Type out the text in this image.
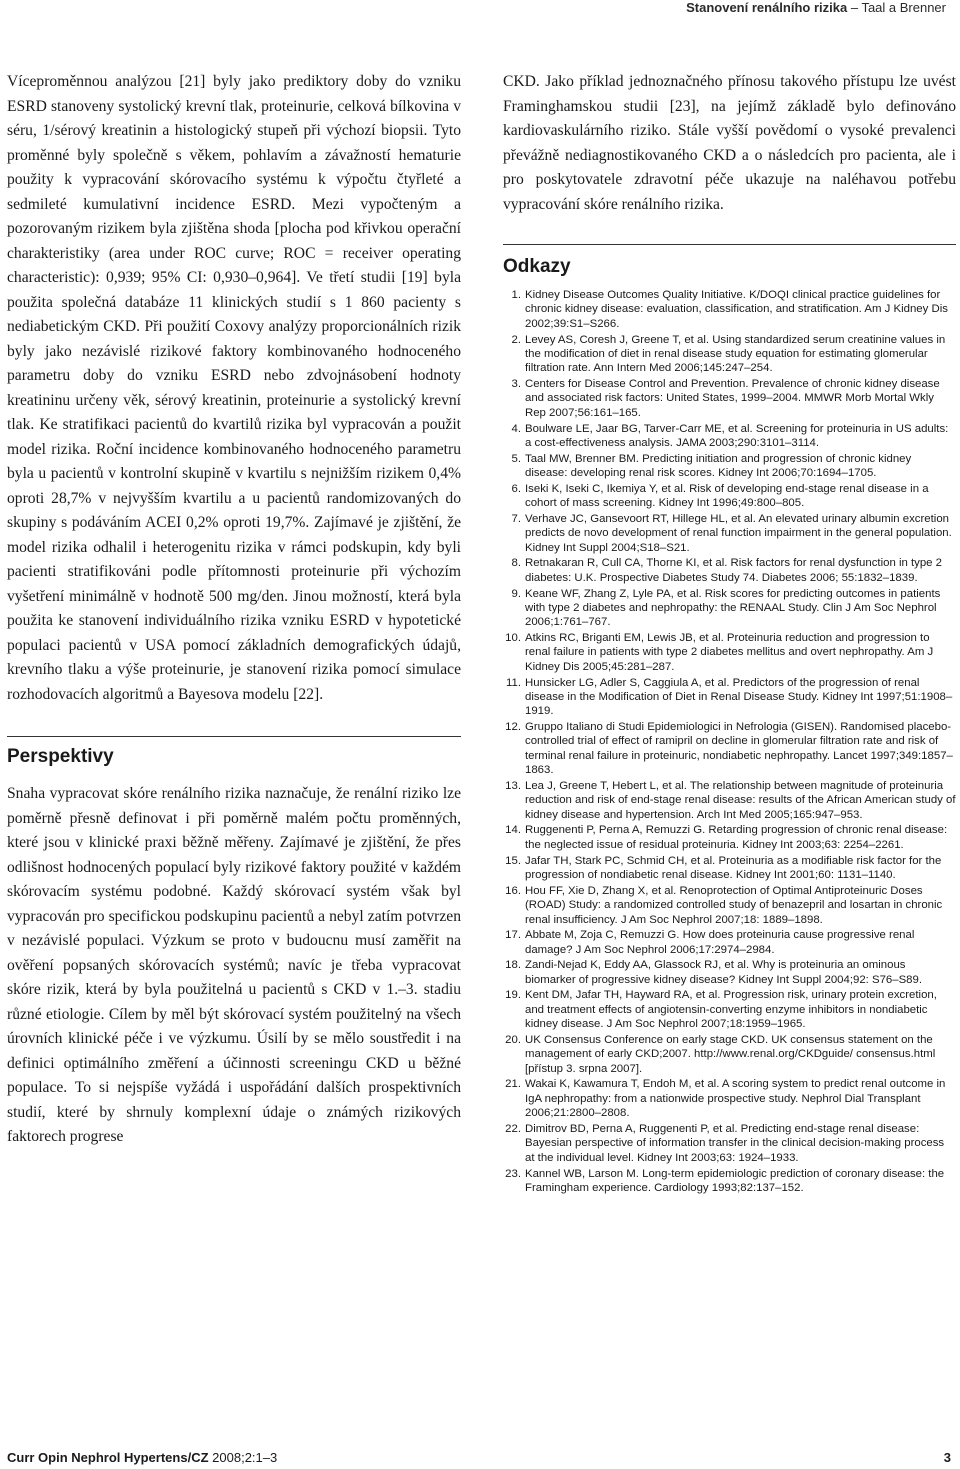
Stanovení renálního rizika – Taal a Brenner

Víceproměnnou analýzou [21] byly jako prediktory doby do vzniku ESRD stanoveny systolický krevní tlak, proteinurie, celková bílkovina v séru, 1/sérový kreatinin a histologický stupeň při výchozí biopsii. Tyto proměnné byly společně s věkem, pohlavím a závažností hematurie použity k vypracování skórovacího systému k výpočtu čtyřleté a sedmileté kumulativní incidence ESRD. Mezi vypočteným a pozorovaným rizikem byla zjištěna shoda [plocha pod křivkou operační charakteristiky (area under ROC curve; ROC = receiver operating characteristic): 0,939; 95% CI: 0,930–0,964]. Ve třetí studii [19] byla použita společná databáze 11 klinických studií s 1 860 pacienty s nediabetickým CKD. Při použití Coxovy analýzy proporcionálních rizik byly jako nezávislé rizikové faktory kombinovaného hodnoceného parametru doby do vzniku ESRD nebo zdvojnásobení hodnoty kreatininu určeny věk, sérový kreatinin, proteinurie a systolický krevní tlak. Ke stratifikaci pacientů do kvartilů rizika byl vypracován a použit model rizika. Roční incidence kombinovaného hodnoceného parametru byla u pacientů v kontrolní skupině v kvartilu s nejnižším rizikem 0,4% oproti 28,7% v nejvyšším kvartilu a u pacientů randomizovaných do skupiny s podáváním ACEI 0,2% oproti 19,7%. Zajímavé je zjištění, že model rizika odhalil i heterogenitu rizika v rámci podskupin, kdy byli pacienti stratifikováni podle přítomnosti proteinurie při výchozím vyšetření minimálně v hodnotě 500 mg/den. Jinou možností, která byla použita ke stanovení individuálního rizika vzniku ESRD v hypotetické populaci pacientů v USA pomocí základních demografických údajů, krevního tlaku a výše proteinurie, je stanovení rizika pomocí simulace rozhodovacích algoritmů a Bayesova modelu [22].

Perspektivy

Snaha vypracovat skóre renálního rizika naznačuje, že renální riziko lze poměrně přesně definovat i při poměrně malém počtu proměnných, které jsou v klinické praxi běžně měřeny. Zajímavé je zjištění, že přes odlišnost hodnocených populací byly rizikové faktory použité v každém skórovacím systému podobné. Každý skórovací systém však byl vypracován pro specifickou podskupinu pacientů a nebyl zatím potvrzen v nezávislé populaci. Výzkum se proto v budoucnu musí zaměřit na ověření popsaných skórovacích systémů; navíc je třeba vypracovat skóre rizik, která by byla použitelná u pacientů s CKD v 1.–3. stadiu různé etiologie. Cílem by měl být skórovací systém použitelný na všech úrovních klinické péče i ve výzkumu. Úsilí by se mělo soustředit i na definici optimálního změření a účinnosti screeningu CKD u běžné populace. To si nejspíše vyžádá i uspořádání dalších prospektivních studií, které by shrnuly komplexní údaje o známých rizikových faktorech progrese

CKD. Jako příklad jednoznačného přínosu takového přístupu lze uvést Framinghamskou studii [23], na jejímž základě bylo definováno kardiovaskulárního riziko. Stále vyšší povědomí o vysoké prevalenci převážně nediagnostikovaného CKD a o následcích pro pacienta, ale i pro poskytovatele zdravotní péče ukazuje na naléhavou potřebu vypracování skóre renálního rizika.

Odkazy
1. Kidney Disease Outcomes Quality Initiative. K/DOQI clinical practice guidelines for chronic kidney disease: evaluation, classification, and stratification. Am J Kidney Dis 2002;39:S1–S266.
2. Levey AS, Coresh J, Greene T, et al. Using standardized serum creatinine values in the modification of diet in renal disease study equation for estimating glomerular filtration rate. Ann Intern Med 2006;145:247–254.
3. Centers for Disease Control and Prevention. Prevalence of chronic kidney disease and associated risk factors: United States, 1999–2004. MMWR Morb Mortal Wkly Rep 2007;56:161–165.
4. Boulware LE, Jaar BG, Tarver-Carr ME, et al. Screening for proteinuria in US adults: a cost-effectiveness analysis. JAMA 2003;290:3101–3114.
5. Taal MW, Brenner BM. Predicting initiation and progression of chronic kidney disease: developing renal risk scores. Kidney Int 2006;70:1694–1705.
6. Iseki K, Iseki C, Ikemiya Y, et al. Risk of developing end-stage renal disease in a cohort of mass screening. Kidney Int 1996;49:800–805.
7. Verhave JC, Gansevoort RT, Hillege HL, et al. An elevated urinary albumin excretion predicts de novo development of renal function impairment in the general population. Kidney Int Suppl 2004;S18–S21.
8. Retnakaran R, Cull CA, Thorne KI, et al. Risk factors for renal dysfunction in type 2 diabetes: U.K. Prospective Diabetes Study 74. Diabetes 2006; 55:1832–1839.
9. Keane WF, Zhang Z, Lyle PA, et al. Risk scores for predicting outcomes in patients with type 2 diabetes and nephropathy: the RENAAL Study. Clin J Am Soc Nephrol 2006;1:761–767.
10. Atkins RC, Briganti EM, Lewis JB, et al. Proteinuria reduction and progression to renal failure in patients with type 2 diabetes mellitus and overt nephropathy. Am J Kidney Dis 2005;45:281–287.
11. Hunsicker LG, Adler S, Caggiula A, et al. Predictors of the progression of renal disease in the Modification of Diet in Renal Disease Study. Kidney Int 1997;51:1908–1919.
12. Gruppo Italiano di Studi Epidemiologici in Nefrologia (GISEN). Randomised placebo-controlled trial of effect of ramipril on decline in glomerular filtration rate and risk of terminal renal failure in proteinuric, nondiabetic nephropathy. Lancet 1997;349:1857–1863.
13. Lea J, Greene T, Hebert L, et al. The relationship between magnitude of proteinuria reduction and risk of end-stage renal disease: results of the African American study of kidney disease and hypertension. Arch Int Med 2005;165:947–953.
14. Ruggenenti P, Perna A, Remuzzi G. Retarding progression of chronic renal disease: the neglected issue of residual proteinuria. Kidney Int 2003;63: 2254–2261.
15. Jafar TH, Stark PC, Schmid CH, et al. Proteinuria as a modifiable risk factor for the progression of nondiabetic renal disease. Kidney Int 2001;60: 1131–1140.
16. Hou FF, Xie D, Zhang X, et al. Renoprotection of Optimal Antiproteinuric Doses (ROAD) Study: a randomized controlled study of benazepril and losartan in chronic renal insufficiency. J Am Soc Nephrol 2007;18: 1889–1898.
17. Abbate M, Zoja C, Remuzzi G. How does proteinuria cause progressive renal damage? J Am Soc Nephrol 2006;17:2974–2984.
18. Zandi-Nejad K, Eddy AA, Glassock RJ, et al. Why is proteinuria an ominous biomarker of progressive kidney disease? Kidney Int Suppl 2004;92: S76–S89.
19. Kent DM, Jafar TH, Hayward RA, et al. Progression risk, urinary protein excretion, and treatment effects of angiotensin-converting enzyme inhibitors in nondiabetic kidney disease. J Am Soc Nephrol 2007;18:1959–1965.
20. UK Consensus Conference on early stage CKD. UK consensus statement on the management of early CKD;2007. http://www.renal.org/CKDguide/ consensus.html [přístup 3. srpna 2007].
21. Wakai K, Kawamura T, Endoh M, et al. A scoring system to predict renal outcome in IgA nephropathy: from a nationwide prospective study. Nephrol Dial Transplant 2006;21:2800–2808.
22. Dimitrov BD, Perna A, Ruggenenti P, et al. Predicting end-stage renal disease: Bayesian perspective of information transfer in the clinical decision-making process at the individual level. Kidney Int 2003;63: 1924–1933.
23. Kannel WB, Larson M. Long-term epidemiologic prediction of coronary disease: the Framingham experience. Cardiology 1993;82:137–152.
Curr Opin Nephrol Hypertens/CZ 2008;2:1–3	3
